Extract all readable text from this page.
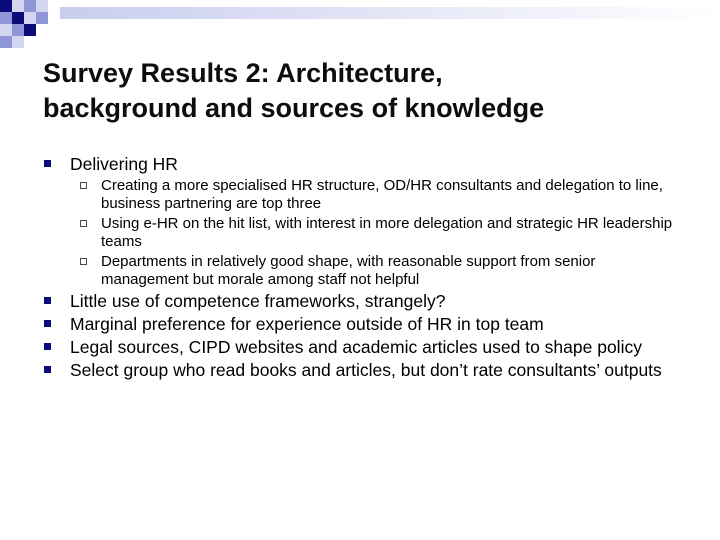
Survey Results 2: Architecture,
background and sources of knowledge
Delivering HR
Creating a more specialised HR structure, OD/HR consultants and delegation to line, business partnering are top three
Using e-HR on the hit list, with interest in more delegation and strategic HR leadership teams
Departments in relatively good shape, with reasonable support from senior management but morale among staff not helpful
Little use of competence frameworks, strangely?
Marginal preference for experience outside of HR in top team
Legal sources, CIPD websites and academic articles used to shape policy
Select group who read books and articles, but don’t rate consultants’ outputs
